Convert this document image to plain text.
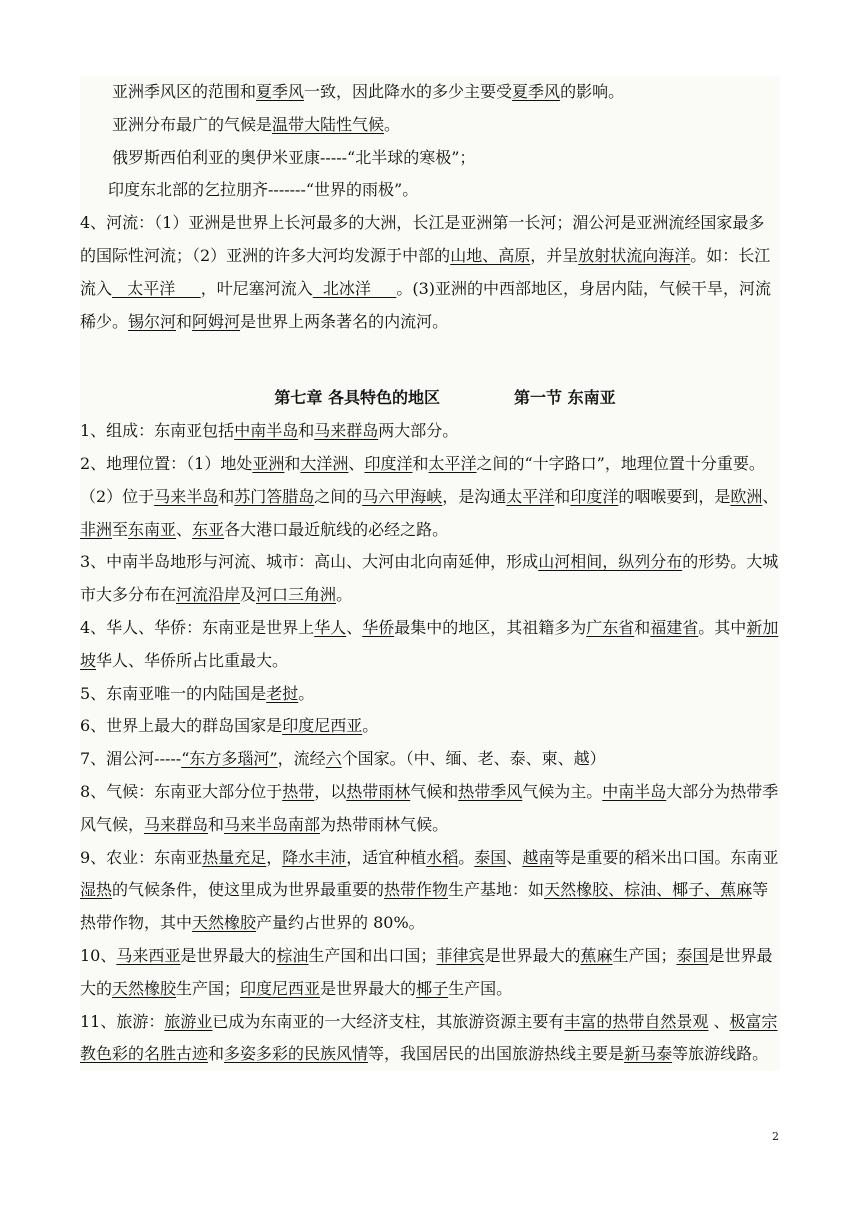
亚洲季风区的范围和夏季风一致，因此降水的多少主要受夏季风的影响。

亚洲分布最广的气候是温带大陆性气候。

俄罗斯西伯利亚的奥伊米亚康-----“北半球的寒极”；

印度东北部的乞拉朋齐-------“世界的雨极”。

4、河流：（1）亚洲是世界上长河最多的大洲，长江是亚洲第一长河；湄公河是亚洲流经国家最多的国际性河流；（2）亚洲的许多大河均发源于中部的山地、高原，并呈放射状流向海洋。如：长江流入   太平洋     ，叶尼塞河流入  北冰洋     。(3)亚洲的中西部地区，身居内陆，气候干旱，河流稀少。锡尔河和阿姆河是世界上两条著名的内流河。

第七章 各具特色的地区	第一节 东南亚

1、组成：东南亚包括中南半岛和马来群岛两大部分。

2、地理位置：（1）地处亚洲和大洋洲、印度洋和太平洋之间的“十字路口”，地理位置十分重要。（2）位于马来半岛和苏门答腊岛之间的马六甲海峡，是沟通太平洋和印度洋的咽喉要到，是欧洲、非洲至东南亚、东亚各大港口最近航线的必经之路。

3、中南半岛地形与河流、城市：高山、大河由北向南延伸，形成山河相间，纵列分布的形势。大城市大多分布在河流沿岸及河口三角洲。

4、华人、华侨：东南亚是世界上华人、华侨最集中的地区，其祖籍多为广东省和福建省。其中新加坡华人、华侨所占比重最大。

5、东南亚唯一的内陆国是老挝。

6、世界上最大的群岛国家是印度尼西亚。

7、湄公河-----“东方多瑙河”，流经六个国家。（中、缅、老、泰、柬、越）

8、气候：东南亚大部分位于热带，以热带雨林气候和热带季风气候为主。中南半岛大部分为热带季风气候，马来群岛和马来半岛南部为热带雨林气候。

9、农业：东南亚热量充足，降水丰沛，适宜种植水稻。泰国、越南等是重要的稻米出口国。东南亚湿热的气候条件，使这里成为世界最重要的热带作物生产基地：如天然橡胶、棕油、椰子、蕉麻等热带作物，其中天然橡胶产量约占世界的 80%。

10、马来西亚是世界最大的棕油生产国和出口国；菲律宾是世界最大的蕉麻生产国；泰国是世界最大的天然橡胶生产国；印度尼西亚是世界最大的椰子生产国。

11、旅游：旅游业已成为东南亚的一大经济支柱，其旅游资源主要有丰富的热带自然景观 、极富宗教色彩的名胜古迹和多姿多彩的民族风情等，我国居民的出国旅游热线主要是新马泰等旅游线路。

2
